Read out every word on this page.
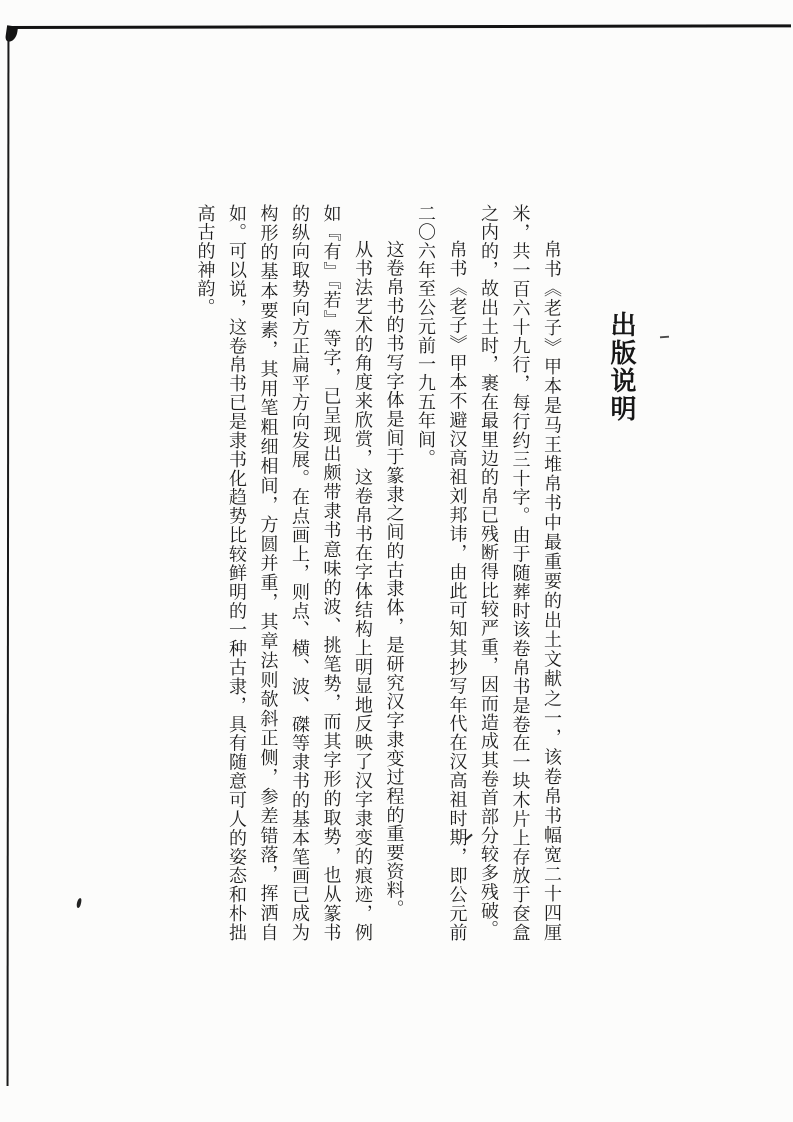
出版说明

帛书《老子》甲本是马王堆帛书中最重要的出土文献之一，该卷帛书幅宽二十四厘米，共一百六十九行，每行约三十字。由于随葬时该卷帛书是卷在一块木片上存放于奁盒之内的，故出土时，裹在最里边的帛已残断得比较严重，因而造成其卷首部分较多残破。

帛书《老子》甲本不避汉高祖刘邦讳，由此可知其抄写年代在汉高祖时期，即公元前二〇六年至公元前一九五年间。

这卷帛书的书写字体是间于篆隶之间的古隶体，是研究汉字隶变过程的重要资料。

从书法艺术的角度来欣赏，这卷帛书在字体结构上明显地反映了汉字隶变的痕迹，例如『有』『若』等字，已呈现出颇带隶书意味的波、挑笔势，而其字形的取势，也从篆书的纵向取势向方正扁平方向发展。在点画上，则点、横、波、磔等隶书的基本笔画已成为构形的基本要素，其用笔粗细相间，方圆并重，其章法则欹斜正侧，参差错落，挥洒自如。可以说，这卷帛书已是隶书化趋势比较鲜明的一种古隶，具有随意可人的姿态和朴拙高古的神韵。
